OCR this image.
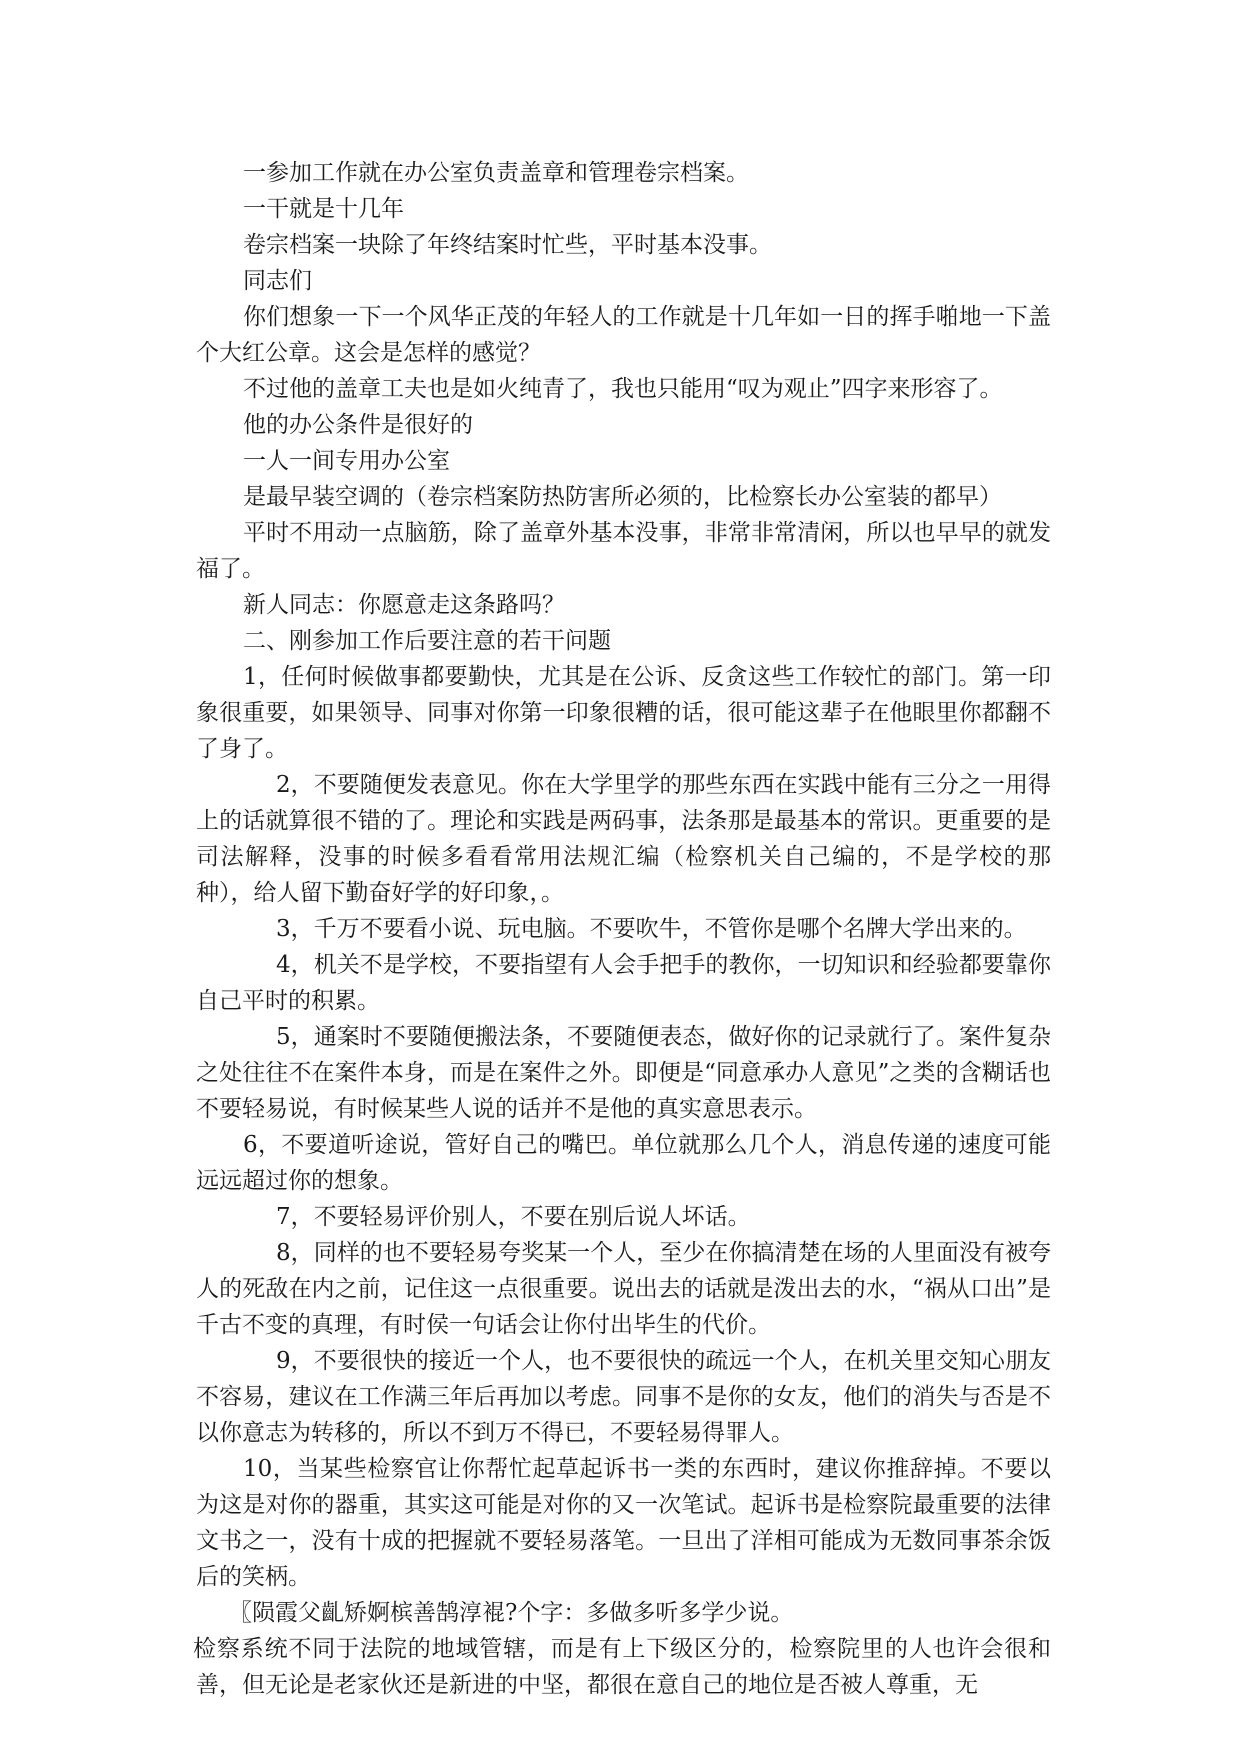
一参加工作就在办公室负责盖章和管理卷宗档案。

一干就是十几年

卷宗档案一块除了年终结案时忙些，平时基本没事。

同志们

你们想象一下一个风华正茂的年轻人的工作就是十几年如一日的挥手啪地一下盖个大红公章。这会是怎样的感觉？

不过他的盖章工夫也是如火纯青了，我也只能用“叹为观止”四字来形容了。

他的办公条件是很好的

一人一间专用办公室

是最早装空调的（卷宗档案防热防害所必须的，比检察长办公室装的都早）

平时不用动一点脑筋，除了盖章外基本没事，非常非常清闲，所以也早早的就发福了。

新人同志：你愿意走这条路吗？

二、刚参加工作后要注意的若干问题

1，任何时候做事都要勤快，尤其是在公诉、反贪这些工作较忙的部门。第一印象很重要，如果领导、同事对你第一印象很糟的话，很可能这辈子在他眼里你都翻不了身了。

2，不要随便发表意见。你在大学里学的那些东西在实践中能有三分之一用得上的话就算很不错的了。理论和实践是两码事，法条那是最基本的常识。更重要的是司法解释，没事的时候多看看常用法规汇编（检察机关自己编的，不是学校的那种），给人留下勤奋好学的好印象，。

3，千万不要看小说、玩电脑。不要吹牛，不管你是哪个名牌大学出来的。

4，机关不是学校，不要指望有人会手把手的教你，一切知识和经验都要靠你自己平时的积累。

5，通案时不要随便搬法条，不要随便表态，做好你的记录就行了。案件复杂之处往往不在案件本身，而是在案件之外。即便是“同意承办人意见”之类的含糊话也不要轻易说，有时候某些人说的话并不是他的真实意思表示。

6，不要道听途说，管好自己的嘴巴。单位就那么几个人，消息传递的速度可能远远超过你的想象。

7，不要轻易评价别人，不要在别后说人坏话。

8，同样的也不要轻易夸奖某一个人，至少在你搞清楚在场的人里面没有被夸人的死敌在内之前，记住这一点很重要。说出去的话就是泼出去的水，“祸从口出”是千古不变的真理，有时侯一句话会让你付出毕生的代价。

9，不要很快的接近一个人，也不要很快的疏远一个人，在机关里交知心朋友不容易，建议在工作满三年后再加以考虑。同事不是你的女友，他们的消失与否是不以你意志为转移的，所以不到万不得已，不要轻易得罪人。

10，当某些检察官让你帮忙起草起诉书一类的东西时，建议你推辞掉。不要以为这是对你的器重，其实这可能是对你的又一次笔试。起诉书是检察院最重要的法律文书之一，没有十成的把握就不要轻易落笔。一旦出了洋相可能成为无数同事茶余饭后的笑柄。

〖陨霞父齓矫婀槟善鹄淳裩?个字：多做多听多学少说。

检察系统不同于法院的地域管辖，而是有上下级区分的，检察院里的人也许会很和善，但无论是老家伙还是新进的中坚，都很在意自己的地位是否被人尊重，无
